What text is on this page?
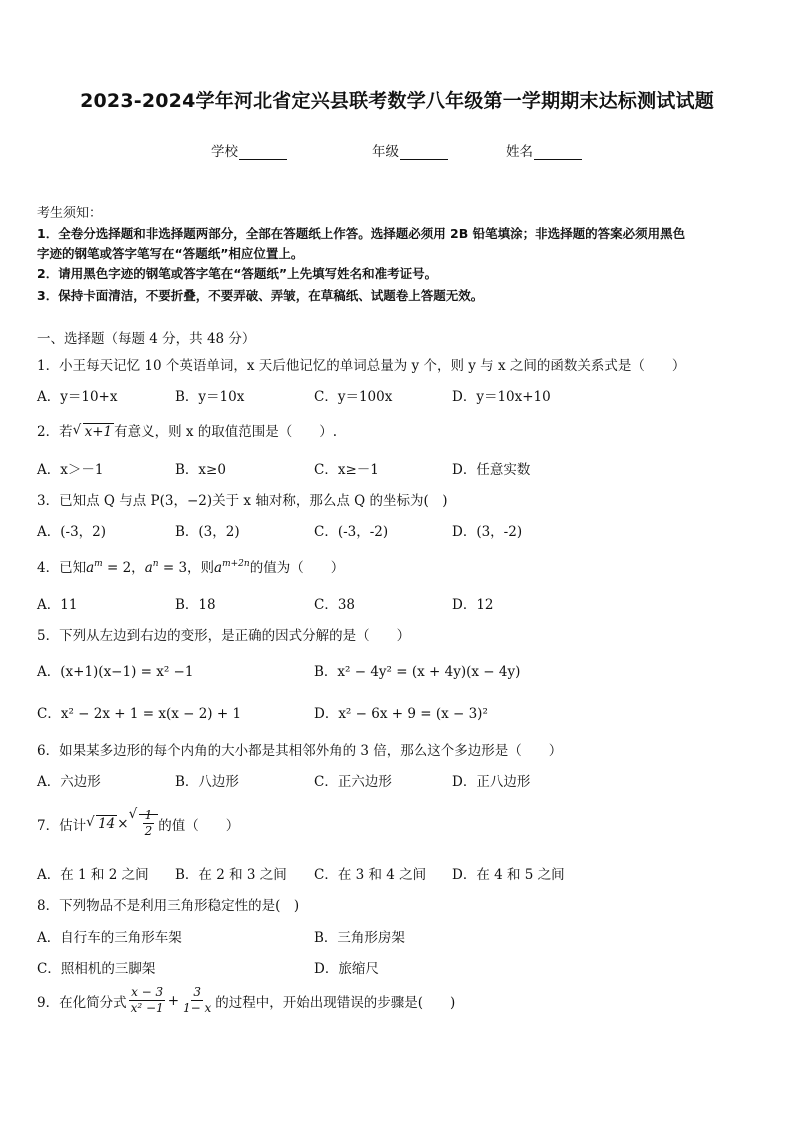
2023-2024学年河北省定兴县联考数学八年级第一学期期末达标测试试题
学校	年级	姓名
考生须知：
1．全卷分选择题和非选择题两部分，全部在答题纸上作答。选择题必须用 2B 铅笔填涂；非选择题的答案必须用黑色
字迹的钢笔或答字笔写在“答题纸”相应位置上。
2．请用黑色字迹的钢笔或答字笔在“答题纸”上先填写姓名和准考证号。
3．保持卡面清洁，不要折叠，不要弄破、弄皱，在草稿纸、试题卷上答题无效。
一、选择题（每题 4 分，共 48 分）
1．小王每天记忆 10 个英语单词，x 天后他记忆的单词总量为 y 个，则 y 与 x 之间的函数关系式是（　　）
A．y＝10+x	B．y＝10x	C．y＝100x	D．y＝10x+10
2．若 √ x+1 有意义，则 x 的取值范围是（　　）.
A．x＞－1	B．x≥0	C．x≥－1	D．任意实数
3．已知点 Q 与点 P(3，−2)关于 x 轴对称，那么点 Q 的坐标为(　)
A．(-3，2)	B．(3，2)	C．(-3，-2)	D．(3，-2)
4．已知$a^m = 2$，$a^n = 3$，则$a^{m+2n}$的值为（　　）
A．11	B．18	C．38	D．12
5．下列从左边到右边的变形，是正确的因式分解的是（　　）
A．(x+1)(x−1) = x² −1	B．x² − 4y² = (x + 4y)(x − 4y)
C．x² − 2x + 1 = x(x − 2) + 1	D．x² − 6x + 9 = (x − 3)²
6．如果某多边形的每个内角的大小都是其相邻外角的 3 倍，那么这个多边形是（　　）
A．六边形	B．八边形	C．正六边形	D．正八边形
7．估计 √ 14 × √ $\frac{1}{2}$ 的值（　　）
A．在 1 和 2 之间 B．在 2 和 3 之间 C．在 3 和 4 之间 D．在 4 和 5 之间
8．下列物品不是利用三角形稳定性的是(　)
A．自行车的三角形车架	B．三角形房架
C．照相机的三脚架	D．旅缩尺
9．在化简分式 $\frac{x - 3}{\text{x² −1}} + \frac{3}{1- x}$ 的过程中，开始出现错误的步骤是(　　)
